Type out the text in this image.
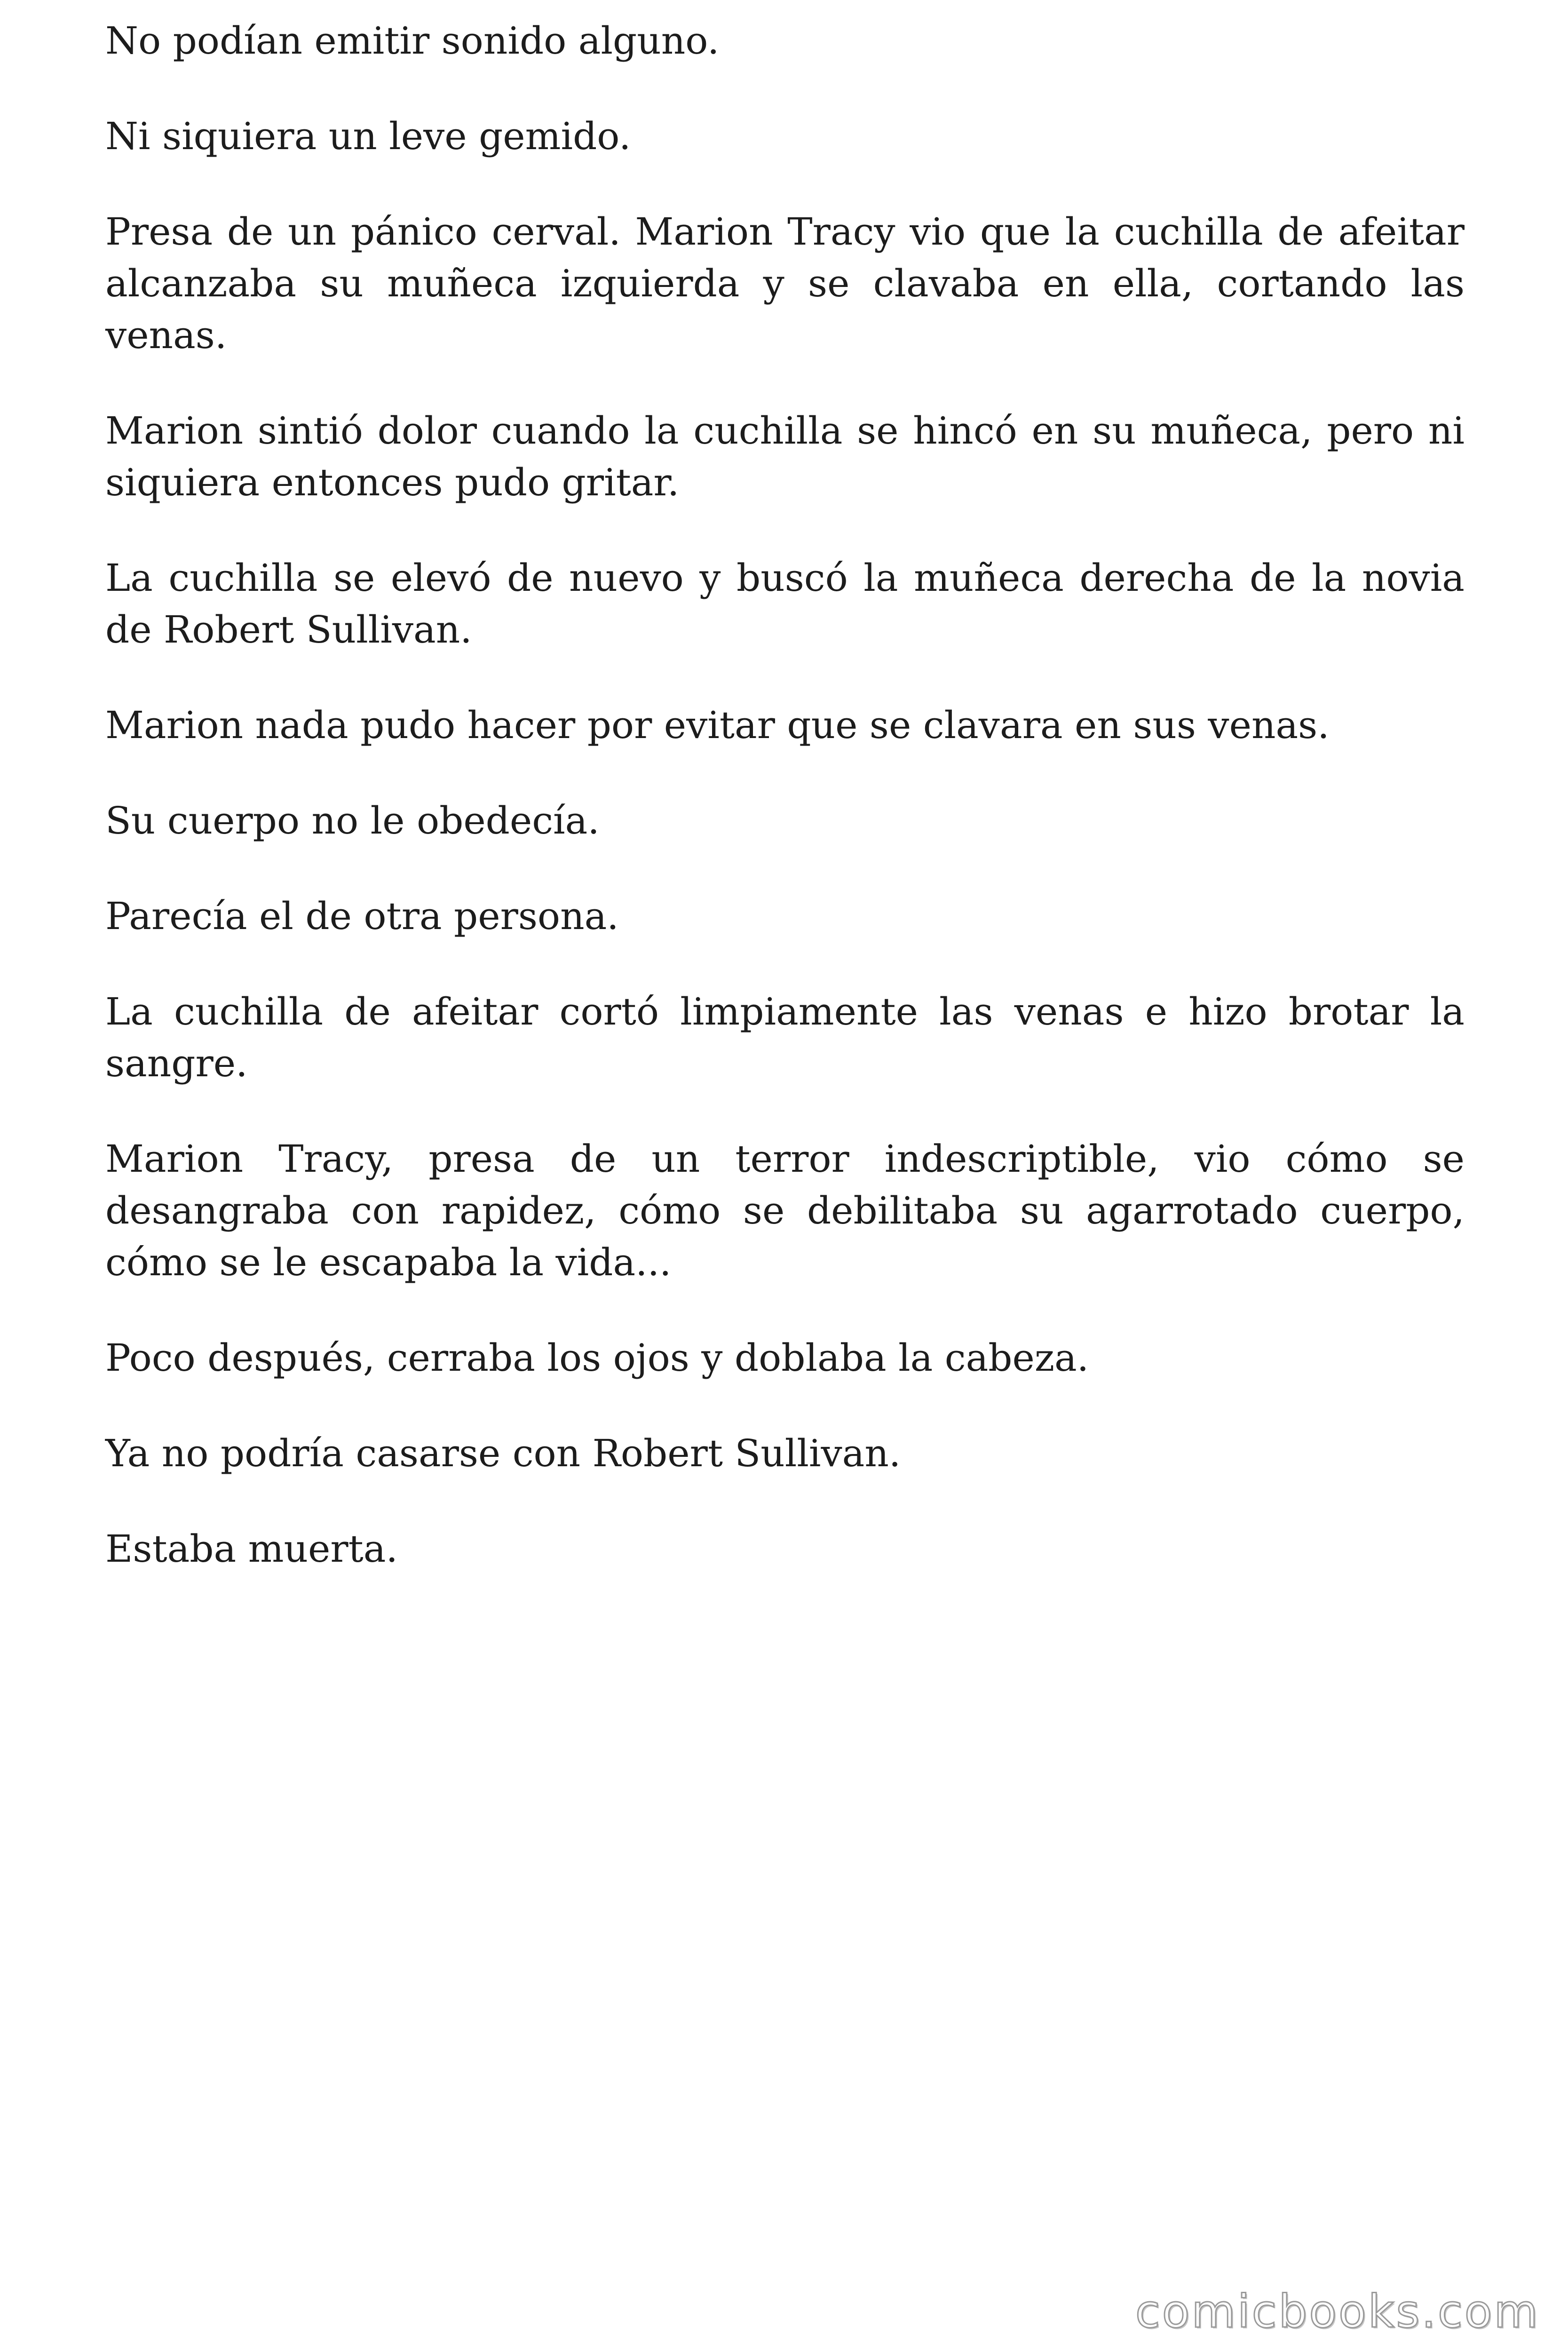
No podían emitir sonido alguno.

Ni siquiera un leve gemido.

Presa de un pánico cerval. Marion Tracy vio que la cuchilla de afeitar alcanzaba su muñeca izquierda y se clavaba en ella, cortando las venas.

Marion sintió dolor cuando la cuchilla se hincó en su muñeca, pero ni siquiera entonces pudo gritar.

La cuchilla se elevó de nuevo y buscó la muñeca derecha de la novia de Robert Sullivan.

Marion nada pudo hacer por evitar que se clavara en sus venas.

Su cuerpo no le obedecía.

Parecía el de otra persona.

La cuchilla de afeitar cortó limpiamente las venas e hizo brotar la sangre.

Marion Tracy, presa de un terror indescriptible, vio cómo se desangraba con rapidez, cómo se debilitaba su agarrotado cuerpo, cómo se le escapaba la vida...

Poco después, cerraba los ojos y doblaba la cabeza.

Ya no podría casarse con Robert Sullivan.

Estaba muerta.

comicbooks.com
